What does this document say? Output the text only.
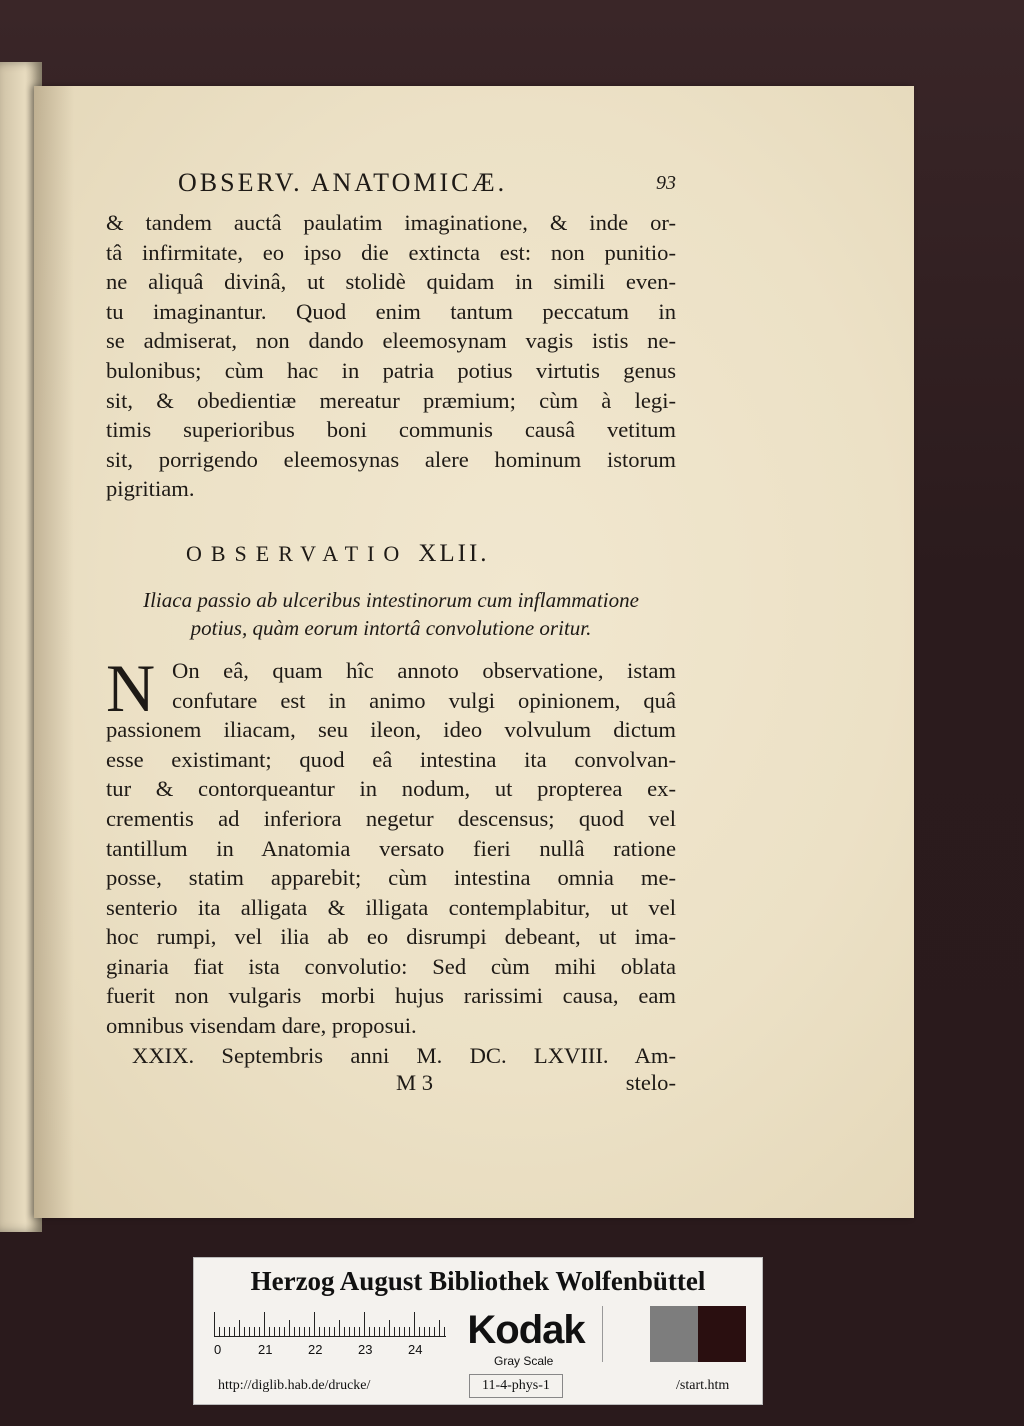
OBSERV. ANATOMICÆ.	93
& tandem auctâ paulatim imaginatione, & inde or-
tâ infirmitate, eo ipso die extincta est: non punitio-
ne aliquâ divinâ, ut stolidè quidam in simili even-
tu imaginantur. Quod enim tantum peccatum in
se admiserat, non dando eleemosynam vagis istis ne-
bulonibus; cùm hac in patria potius virtutis genus
sit, & obedientiæ mereatur præmium; cùm à legi-
timis superioribus boni communis causâ vetitum
sit, porrigendo eleemosynas alere hominum istorum
pigritiam.
OBSERVATIO XLII.
Iliaca passio ab ulceribus intestinorum cum inflammatione
potius, quàm eorum intortâ convolutione oritur.
N On eâ, quam hîc annoto observatione, istam
confutare est in animo vulgi opinionem, quâ
passionem iliacam, seu ileon, ideo volvulum dictum
esse existimant; quod eâ intestina ita convolvan-
tur & contorqueantur in nodum, ut propterea ex-
crementis ad inferiora negetur descensus; quod vel
tantillum in Anatomia versato fieri nullâ ratione
posse, statim apparebit; cùm intestina omnia me-
senterio ita alligata & illigata contemplabitur, ut vel
hoc rumpi, vel ilia ab eo disrumpi debeant, ut ima-
ginaria fiat ista convolutio: Sed cùm mihi oblata
fuerit non vulgaris morbi hujus rarissimi causa, eam
omnibus visendam dare, proposui.
XXIX. Septembris anni M. DC. LXVIII. Am-
M 3	stelo-
Herzog August Bibliothek Wolfenbüttel
0	21	22	23	24 Kodak
Gray Scale
http://diglib.hab.de/drucke/	11-4-phys-1	/start.htm
